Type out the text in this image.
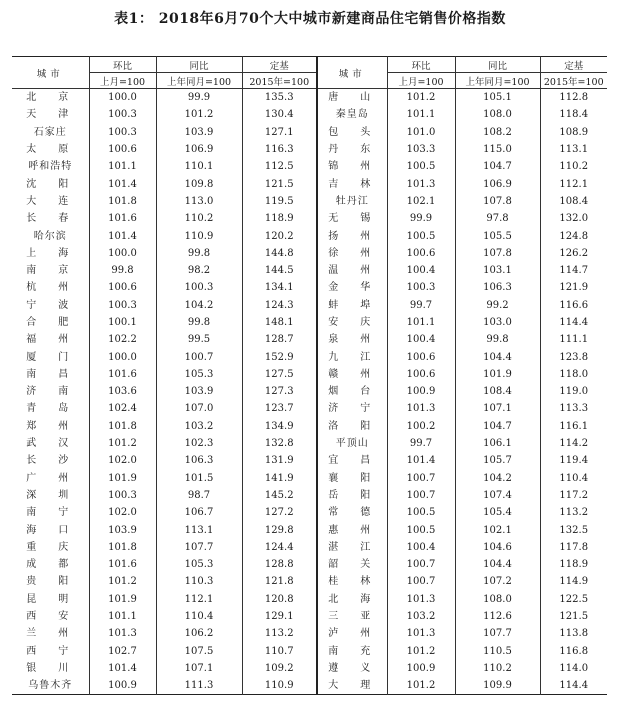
表1： 2018年6月70个大中城市新建商品住宅销售价格指数
城市	环比	同比	定基	城市	环比	同比	定基
	上月=100	上年同月=100	2015年=100		上月=100	上年同月=100	2015年=100
北　京	100.0	99.9	135.3	唐　山	101.2	105.1	112.8
天　津	100.3	101.2	130.4	秦皇岛	101.1	108.0	118.4
石家庄	100.3	103.9	127.1	包　头	101.0	108.2	108.9
太　原	100.6	106.9	116.3	丹　东	103.3	115.0	113.1
呼和浩特	101.1	110.1	112.5	锦　州	100.5	104.7	110.2
沈　阳	101.4	109.8	121.5	吉　林	101.3	106.9	112.1
大　连	101.8	113.0	119.5	牡丹江	102.1	107.8	108.4
长　春	101.6	110.2	118.9	无　锡	99.9	97.8	132.0
哈尔滨	101.4	110.9	120.2	扬　州	100.5	105.5	124.8
上　海	100.0	99.8	144.8	徐　州	100.6	107.8	126.2
南　京	99.8	98.2	144.5	温　州	100.4	103.1	114.7
杭　州	100.6	100.3	134.1	金　华	100.3	106.3	121.9
宁　波	100.3	104.2	124.3	蚌　埠	99.7	99.2	116.6
合　肥	100.1	99.8	148.1	安　庆	101.1	103.0	114.4
福　州	102.2	99.5	128.7	泉　州	100.4	99.8	111.1
厦　门	100.0	100.7	152.9	九　江	100.6	104.4	123.8
南　昌	101.6	105.3	127.5	赣　州	100.6	101.9	118.0
济　南	103.6	103.9	127.3	烟　台	100.9	108.4	119.0
青　岛	102.4	107.0	123.7	济　宁	101.3	107.1	113.3
郑　州	101.8	103.2	134.9	洛　阳	100.2	104.7	116.1
武　汉	101.2	102.3	132.8	平顶山	99.7	106.1	114.2
长　沙	102.0	106.3	131.9	宜　昌	101.4	105.7	119.4
广　州	101.9	101.5	141.9	襄　阳	100.7	104.2	110.4
深　圳	100.3	98.7	145.2	岳　阳	100.7	107.4	117.2
南　宁	102.0	106.7	127.2	常　德	100.5	105.4	113.2
海　口	103.9	113.1	129.8	惠　州	100.5	102.1	132.5
重　庆	101.8	107.7	124.4	湛　江	100.4	104.6	117.8
成　都	101.6	105.3	128.8	韶　关	100.7	104.4	118.9
贵　阳	101.2	110.3	121.8	桂　林	100.7	107.2	114.9
昆　明	101.9	112.1	120.8	北　海	101.3	108.0	122.5
西　安	101.1	110.4	129.1	三　亚	103.2	112.6	121.5
兰　州	101.3	106.2	113.2	泸　州	101.3	107.7	113.8
西　宁	102.7	107.5	110.7	南　充	101.2	110.5	116.8
银　川	101.4	107.1	109.2	遵　义	100.9	110.2	114.0
乌鲁木齐	100.9	111.3	110.9	大　理	101.2	109.9	114.4
